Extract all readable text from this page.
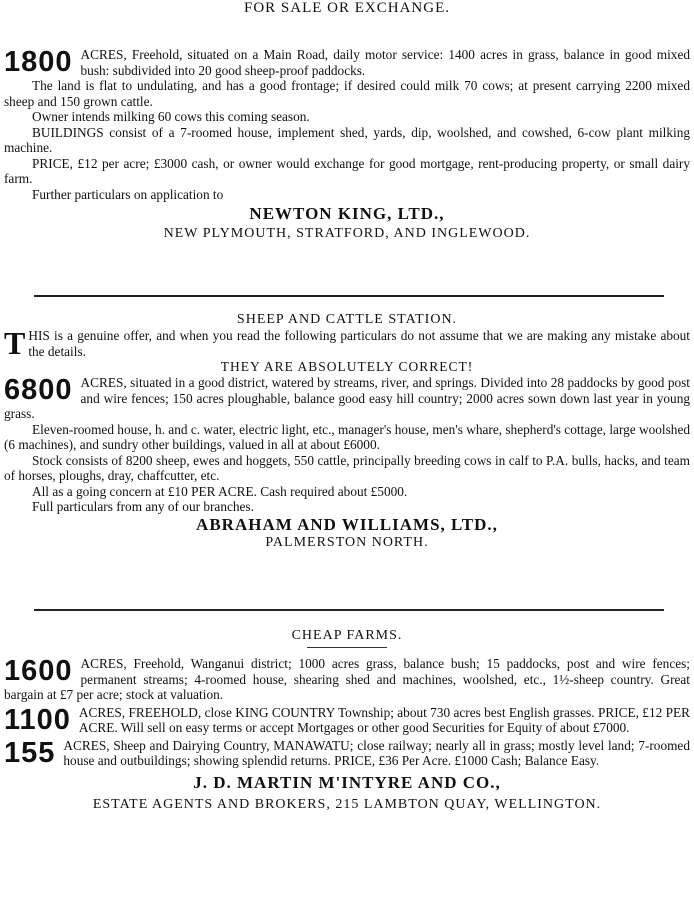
FOR SALE OR EXCHANGE.
1800 ACRES, Freehold, situated on a Main Road, daily motor service: 1400 acres in grass, balance in good mixed bush: subdivided into 20 good sheep-proof paddocks.
The land is flat to undulating, and has a good frontage; if desired could milk 70 cows; at present carrying 2200 mixed sheep and 150 grown cattle.
Owner intends milking 60 cows this coming season.
BUILDINGS consist of a 7-roomed house, implement shed, yards, dip, woolshed, and cowshed, 6-cow plant milking machine.
PRICE, £12 per acre; £3000 cash, or owner would exchange for good mortgage, rent-producing property, or small dairy farm.
Further particulars on application to
NEWTON KING, LTD.,
NEW PLYMOUTH, STRATFORD, AND INGLEWOOD.
SHEEP AND CATTLE STATION.
T HIS is a genuine offer, and when you read the following particulars do not assume that we are making any mistake about the details.
THEY ARE ABSOLUTELY CORRECT!
6800 ACRES, situated in a good district, watered by streams, river, and springs. Divided into 28 paddocks by good post and wire fences; 150 acres ploughable, balance good easy hill country; 2000 acres sown down last year in young grass.
Eleven-roomed house, h. and c. water, electric light, etc., manager's house, men's whare, shepherd's cottage, large woolshed (6 machines), and sundry other buildings, valued in all at about £6000.
Stock consists of 8200 sheep, ewes and hoggets, 550 cattle, principally breeding cows in calf to P.A. bulls, hacks, and team of horses, ploughs, dray, chaffcutter, etc.
All as a going concern at £10 PER ACRE. Cash required about £5000.
Full particulars from any of our branches.
ABRAHAM AND WILLIAMS, LTD.,
PALMERSTON NORTH.
CHEAP FARMS.
1600 ACRES, Freehold, Wanganui district; 1000 acres grass, balance bush; 15 paddocks, post and wire fences; permanent streams; 4-roomed house, shearing shed and machines, woolshed, etc., 1½-sheep country. Great bargain at £7 per acre; stock at valuation.
1100 ACRES, FREEHOLD, close KING COUNTRY Township; about 730 acres best English grasses. PRICE, £12 PER ACRE. Will sell on easy terms or accept Mortgages or other good Securities for Equity of about £7000.
155 ACRES, Sheep and Dairying Country, MANAWATU; close railway; nearly all in grass; mostly level land; 7-roomed house and outbuildings; showing splendid returns. PRICE, £36 Per Acre. £1000 Cash; Balance Easy.
J. D. MARTIN M'INTYRE AND CO.,
ESTATE AGENTS AND BROKERS, 215 LAMBTON QUAY, WELLINGTON.
